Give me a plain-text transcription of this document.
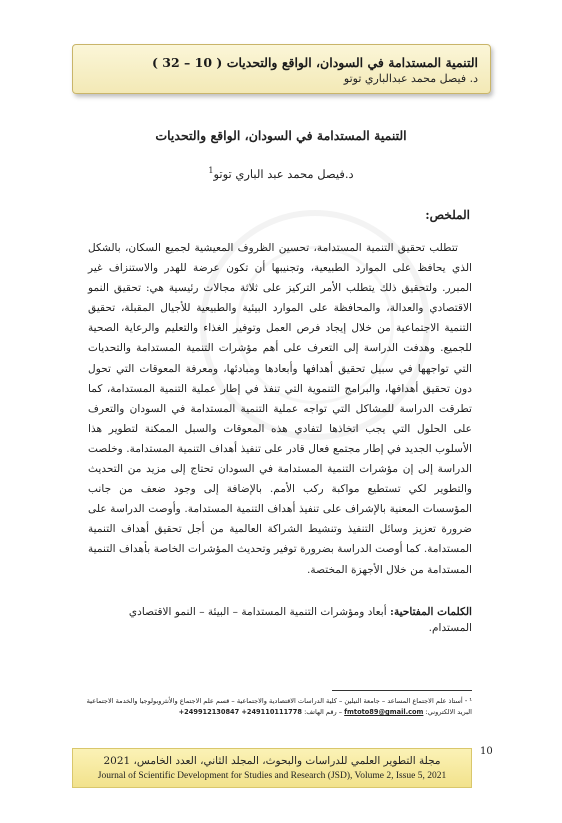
التنمية المستدامة في السودان، الواقع والتحديات ( 10 – 32 )
د. فيصل محمد عبدالباري توتو
التنمية المستدامة في السودان، الواقع والتحديات
د.فيصل محمد عبد الباري توتو$^1$
الملخص:
تتطلب تحقيق التنمية المستدامة، تحسين الظروف المعيشية لجميع السكان، بالشكل الذي يحافظ على الموارد الطبيعية، وتجنيبها أن تكون عرضة للهدر والاستنزاف غير المبرر. ولتحقيق ذلك يتطلب الأمر التركيز على ثلاثة مجالات رئيسية هي: تحقيق النمو الاقتصادي والعدالة، والمحافظة على الموارد البيئية والطبيعية للأجيال المقبلة، تحقيق التنمية الاجتماعية من خلال إيجاد فرص العمل وتوفير الغذاء والتعليم والرعاية الصحية للجميع. وهدفت الدراسة إلى التعرف على أهم مؤشرات التنمية المستدامة والتحديات التي تواجهها في سبيل تحقيق أهدافها وأبعادها ومبادئها، ومعرفة المعوقات التي تحول دون تحقيق أهدافها، والبرامج التنموية التي تنفذ في إطار عملية التنمية المستدامة، كما تطرقت الدراسة للمشاكل التي تواجه عملية التنمية المستدامة في السودان والتعرف على الحلول التي يجب اتخاذها لتفادي هذه المعوقات والسبل الممكنة لتطوير هذا الأسلوب الجديد في إطار مجتمع فعال قادر على تنفيذ أهداف التنمية المستدامة. وخلصت الدراسة إلى إن مؤشرات التنمية المستدامة في السودان تحتاج إلى مزيد من التحديث والتطوير لكي تستطيع مواكبة ركب الأمم. بالإضافة إلى وجود ضعف من جانب المؤسسات المعنية بالإشراف على تنفيذ أهداف التنمية المستدامة. وأوصت الدراسة على ضرورة تعزيز وسائل التنفيذ وتنشيط الشراكة العالمية من أجل تحقيق أهداف التنمية المستدامة. كما أوصت الدراسة بضرورة توفير وتحديث المؤشرات الخاصة بأهداف التنمية المستدامة من خلال الأجهزة المختصة.
الكلمات المفتاحية: أبعاد ومؤشرات التنمية المستدامة – البيئة – النمو الاقتصادي المستدام.
¹ - أستاذ علم الاجتماع المساعد – جامعة النيلين – كلية الدراسات الاقتصادية والاجتماعية – قسم علم الاجتماع والأنثروبولوجيا والخدمة الاجتماعية
البريد الالكتروني: fmtoto89@gmail.com – رقم الهاتف: +249912130847 +249110111778
10
مجلة التطوير العلمي للدراسات والبحوث، المجلد الثاني، العدد الخامس، 2021
Journal of Scientific Development for Studies and Research (JSD), Volume 2, Issue 5, 2021
